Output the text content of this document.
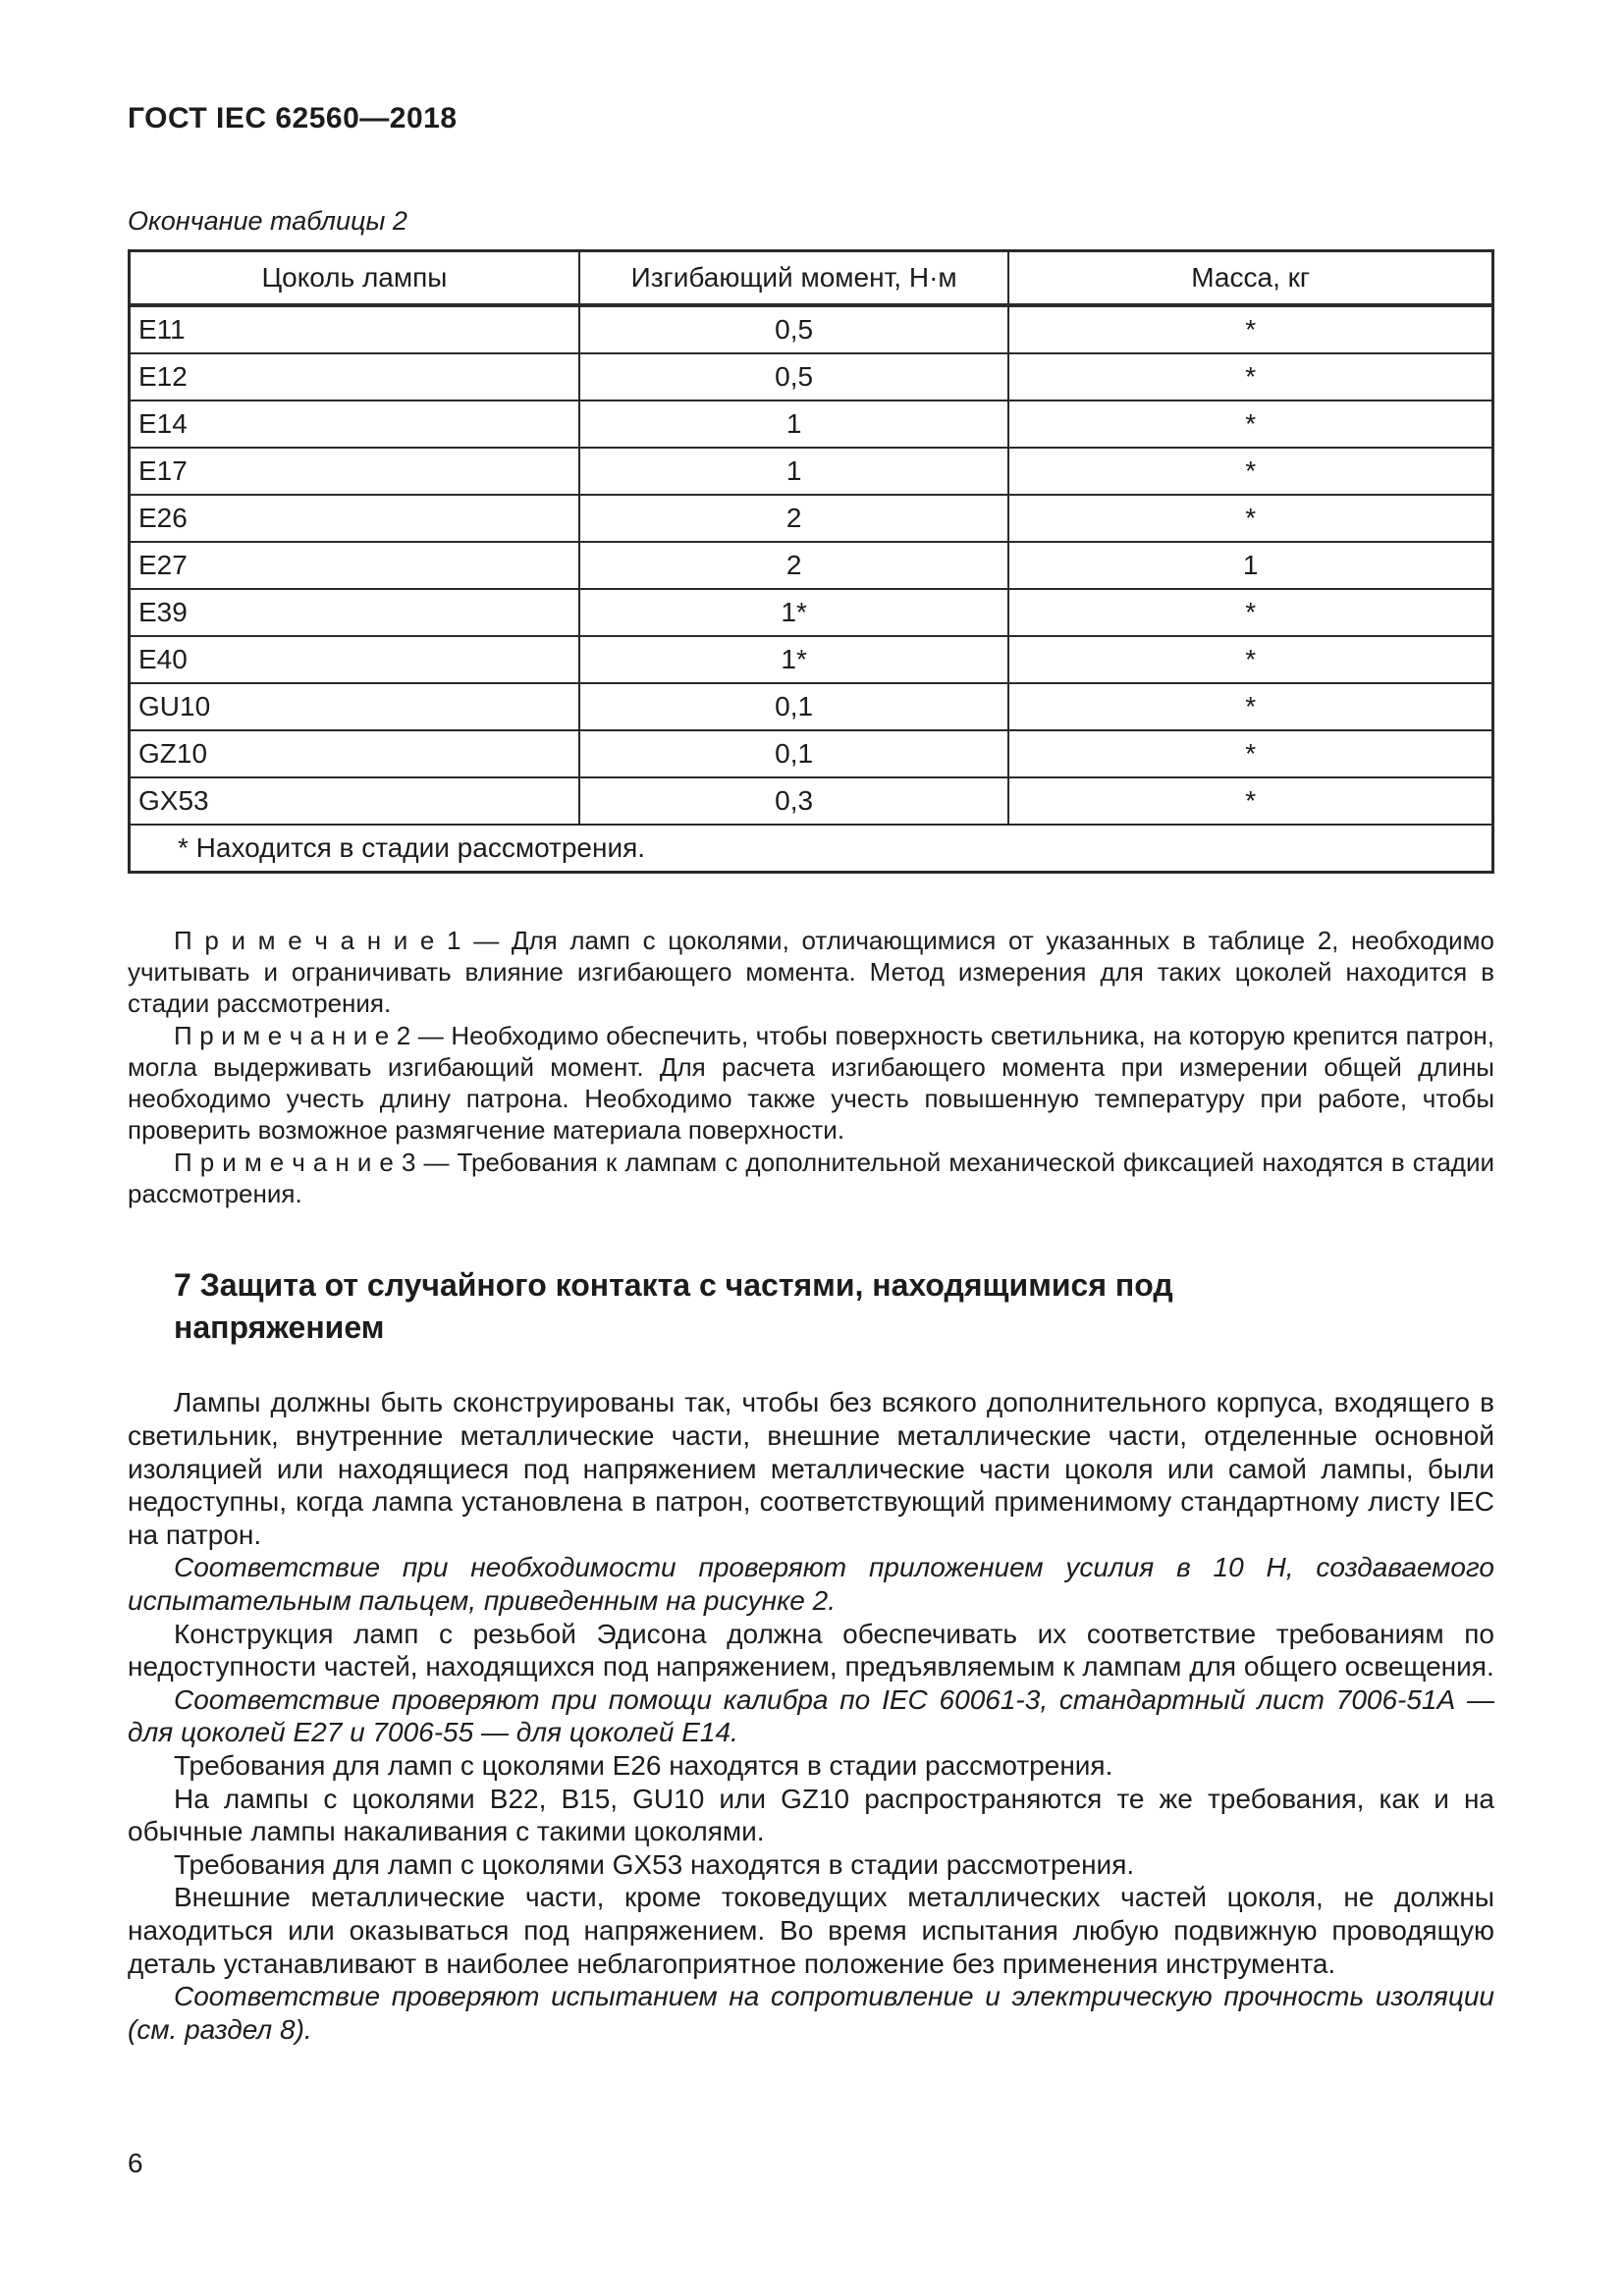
ГОСТ IEC 62560—2018
Окончание таблицы 2
Цоколь лампы	Изгибающий момент, Н·м	Масса, кг
E11	0,5	*
E12	0,5	*
E14	1	*
E17	1	*
E26	2	*
E27	2	1
E39	1*	*
E40	1*	*
GU10	0,1	*
GZ10	0,1	*
GX53	0,3	*
* Находится в стадии рассмотрения.		

П р и м е ч а н и е 1 — Для ламп с цоколями, отличающимися от указанных в таблице 2, необходимо учитывать и ограничивать влияние изгибающего момента. Метод измерения для таких цоколей находится в стадии рассмотрения.

П р и м е ч а н и е 2 — Необходимо обеспечить, чтобы поверхность светильника, на которую крепится патрон, могла выдерживать изгибающий момент. Для расчета изгибающего момента при измерении общей длины необходимо учесть длину патрона. Необходимо также учесть повышенную температуру при работе, чтобы проверить возможное размягчение материала поверхности.

П р и м е ч а н и е 3 — Требования к лампам с дополнительной механической фиксацией находятся в стадии рассмотрения.

7 Защита от случайного контакта с частями, находящимися под напряжением

Лампы должны быть сконструированы так, чтобы без всякого дополнительного корпуса, входящего в светильник, внутренние металлические части, внешние металлические части, отделенные основной изоляцией или находящиеся под напряжением металлические части цоколя или самой лампы, были недоступны, когда лампа установлена в патрон, соответствующий применимому стандартному листу IEC на патрон.

Соответствие при необходимости проверяют приложением усилия в 10 Н, создаваемого испытательным пальцем, приведенным на рисунке 2.

Конструкция ламп с резьбой Эдисона должна обеспечивать их соответствие требованиям по недоступности частей, находящихся под напряжением, предъявляемым к лампам для общего освещения.

Соответствие проверяют при помощи калибра по IEC 60061-3, стандартный лист 7006-51А — для цоколей Е27 и 7006-55 — для цоколей Е14.

Требования для ламп с цоколями Е26 находятся в стадии рассмотрения.

На лампы с цоколями В22, В15, GU10 или GZ10 распространяются те же требования, как и на обычные лампы накаливания с такими цоколями.

Требования для ламп с цоколями GX53 находятся в стадии рассмотрения.

Внешние металлические части, кроме токоведущих металлических частей цоколя, не должны находиться или оказываться под напряжением. Во время испытания любую подвижную проводящую деталь устанавливают в наиболее неблагоприятное положение без применения инструмента.

Соответствие проверяют испытанием на сопротивление и электрическую прочность изоляции (см. раздел 8).

6
